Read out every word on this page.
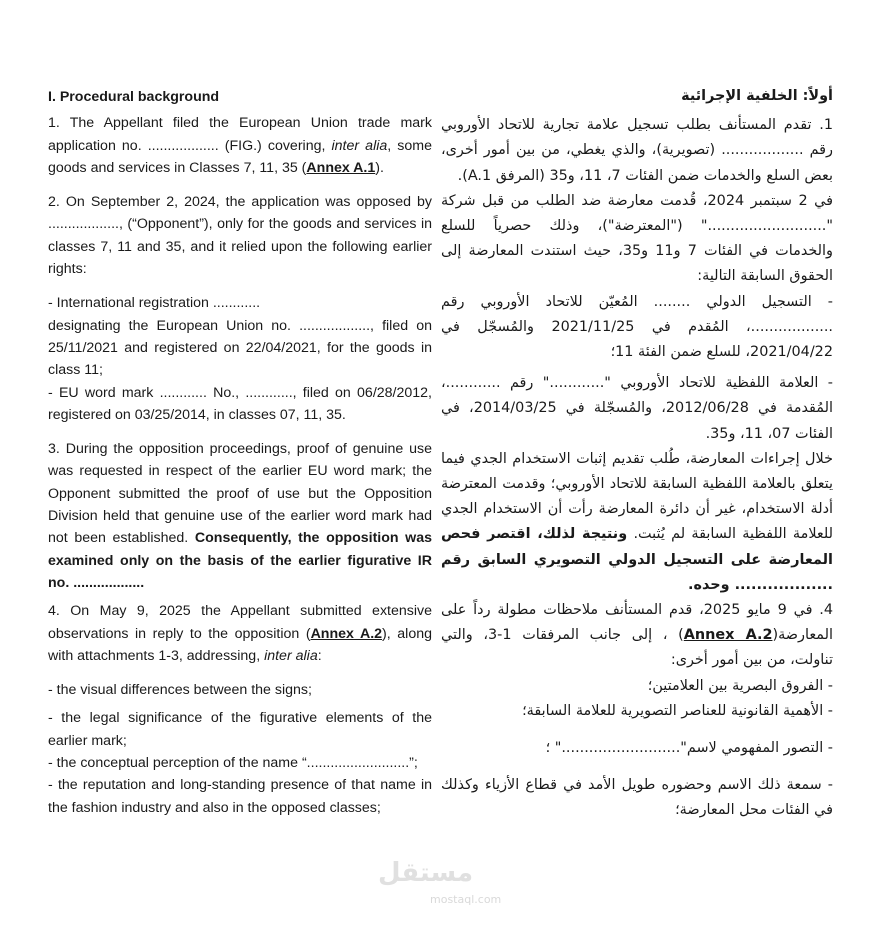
I. Procedural background

1. The Appellant filed the European Union trade mark application no. .................. (FIG.) covering, inter alia, some goods and services in Classes 7, 11, 35 (Annex A.1).

2. On September 2, 2024, the application was opposed by .................., (“Opponent”), only for the goods and services in classes 7, 11 and 35, and it relied upon the following earlier rights:

- International registration ............

designating the European Union no. .................., filed on 25/11/2021 and registered on 22/04/2021, for the goods in class 11;

- EU word mark ............ No., ............, filed on 06/28/2012, registered on 03/25/2014, in classes 07, 11, 35.

3. During the opposition proceedings, proof of genuine use was requested in respect of the earlier EU word mark; the Opponent submitted the proof of use but the Opposition Division held that genuine use of the earlier word mark had not been established. Consequently, the opposition was examined only on the basis of the earlier figurative IR no. ..................

4. On May 9, 2025 the Appellant submitted extensive observations in reply to the opposition (Annex A.2), along with attachments 1-3, addressing, inter alia:

- the visual differences between the signs;

- the legal significance of the figurative elements of the earlier mark;

- the conceptual perception of the name “..........................”;

- the reputation and long-standing presence of that name in the fashion industry and also in the opposed classes;

أولاً: الخلفية الإجرائية

1. تقدم المستأنف بطلب تسجيل علامة تجارية للاتحاد الأوروبي رقم .................. (تصويرية)، والذي يغطي، من بين أمور أخرى، بعض السلع والخدمات ضمن الفئات 7، 11، و35 (المرفق A.1).

في 2 سبتمبر 2024، قُدمت معارضة ضد الطلب من قبل شركة ".........................." ("المعترضة")، وذلك حصرياً للسلع والخدمات في الفئات 7 و11 و35، حيث استندت المعارضة إلى الحقوق السابقة التالية:

- التسجيل الدولي ........ المُعيّن للاتحاد الأوروبي رقم ..................، المُقدم في 2021/11/25 والمُسجّل في 2021/04/22، للسلع ضمن الفئة 11؛

- العلامة اللفظية للاتحاد الأوروبي "............" رقم ............، المُقدمة في 2012/06/28، والمُسجّلة في 2014/03/25، في الفئات 07، 11، و35.

خلال إجراءات المعارضة، طُلب تقديم إثبات الاستخدام الجدي فيما يتعلق بالعلامة اللفظية السابقة للاتحاد الأوروبي؛ وقدمت المعترضة أدلة الاستخدام، غير أن دائرة المعارضة رأت أن الاستخدام الجدي للعلامة اللفظية السابقة لم يُثبت. ونتيجة لذلك، اقتصر فحص المعارضة على التسجيل الدولي التصويري السابق رقم .................. وحده.

4. في 9 مايو 2025، قدم المستأنف ملاحظات مطولة رداً على المعارضة(Annex A.2) ، إلى جانب المرفقات 1-3، والتي تناولت، من بين أمور أخرى:

- الفروق البصرية بين العلامتين؛

- الأهمية القانونية للعناصر التصويرية للعلامة السابقة؛

- التصور المفهومي لاسم".........................." ؛

- سمعة ذلك الاسم وحضوره طويل الأمد في قطاع الأزياء وكذلك في الفئات محل المعارضة؛

مستقل
mostaql.com
